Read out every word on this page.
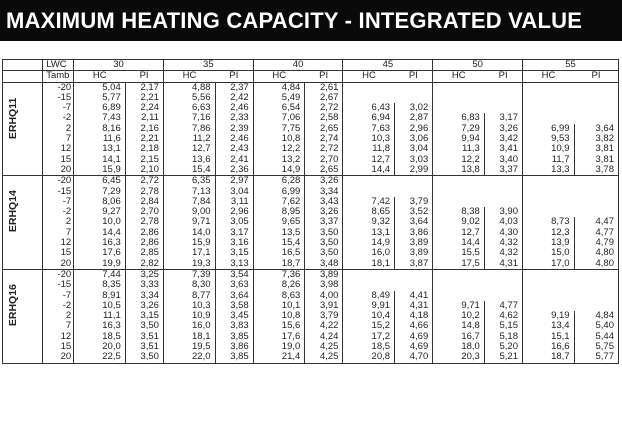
MAXIMUM HEATING CAPACITY - INTEGRATED VALUE
	LWC	30		35		40		45		50		55	
	Tamb	HC	PI	HC	PI	HC	PI	HC	PI	HC	PI	HC	PI

ERHQ11	-20	5,04	2,17	4,88	2,37	4,84	2,61						
	-15	5,77	2,21	5,56	2,42	5,49	2,67						
	-7	6,89	2,24	6,63	2,46	6,54	2,72	6,43	3,02				
	-2	7,43	2,11	7,16	2,33	7,06	2,58	6,94	2,87	6,83	3,17		
	2	8,16	2,16	7,86	2,39	7,75	2,65	7,63	2,96	7,29	3,26	6,99	3,64
	7	11,6	2,21	11,2	2,46	10,8	2,74	10,3	3,06	9,94	3,42	9,53	3,82
	12	13,1	2,18	12,7	2,43	12,2	2,72	11,8	3,04	11,3	3,41	10,9	3,81
	15	14,1	2,15	13,6	2,41	13,2	2,70	12,7	3,03	12,2	3,40	11,7	3,81
	20	15,9	2,10	15,4	2,36	14,9	2,65	14,4	2,99	13,8	3,37	13,3	3,78

ERHQ14	-20	6,45	2,72	6,35	2,97	6,28	3,26						
	-15	7,29	2,78	7,13	3,04	6,99	3,34						
	-7	8,06	2,84	7,84	3,11	7,62	3,43	7,42	3,79				
	-2	9,27	2,70	9,00	2,96	8,95	3,26	8,65	3,52	8,38	3,90		
	2	10,0	2,78	9,71	3,05	9,65	3,37	9,32	3,64	9,02	4,03	8,73	4,47
	7	14,4	2,86	14,0	3,17	13,5	3,50	13,1	3,86	12,7	4,30	12,3	4,77
	12	16,3	2,86	15,9	3,16	15,4	3,50	14,9	3,89	14,4	4,32	13,9	4,79
	15	17,6	2,85	17,1	3,15	16,5	3,50	16,0	3,89	15,5	4,32	15,0	4,80
	20	19,9	2,82	19,3	3,13	18,7	3,48	18,1	3,87	17,5	4,31	17,0	4,80

ERHQ16	-20	7,44	3,25	7,39	3,54	7,36	3,89						
	-15	8,35	3,33	8,30	3,63	8,26	3,98						
	-7	8,91	3,34	8,77	3,64	8,63	4,00	8,49	4,41				
	-2	10,5	3,26	10,3	3,58	10,1	3,91	9,91	4,31	9,71	4,77		
	2	11,1	3,15	10,9	3,45	10,8	3,79	10,4	4,18	10,2	4,62	9,19	4,84
	7	16,3	3,50	16,0	3,83	15,6	4,22	15,2	4,66	14,8	5,15	13,4	5,40
	12	18,5	3,51	18,1	3,85	17,6	4,24	17,2	4,69	16,7	5,18	15,1	5,44
	15	20,0	3,51	19,5	3,86	19,0	4,25	18,5	4,69	18,0	5,20	16,6	5,75
	20	22,5	3,50	22,0	3,85	21,4	4,25	20,8	4,70	20,3	5,21	18,7	5,77
